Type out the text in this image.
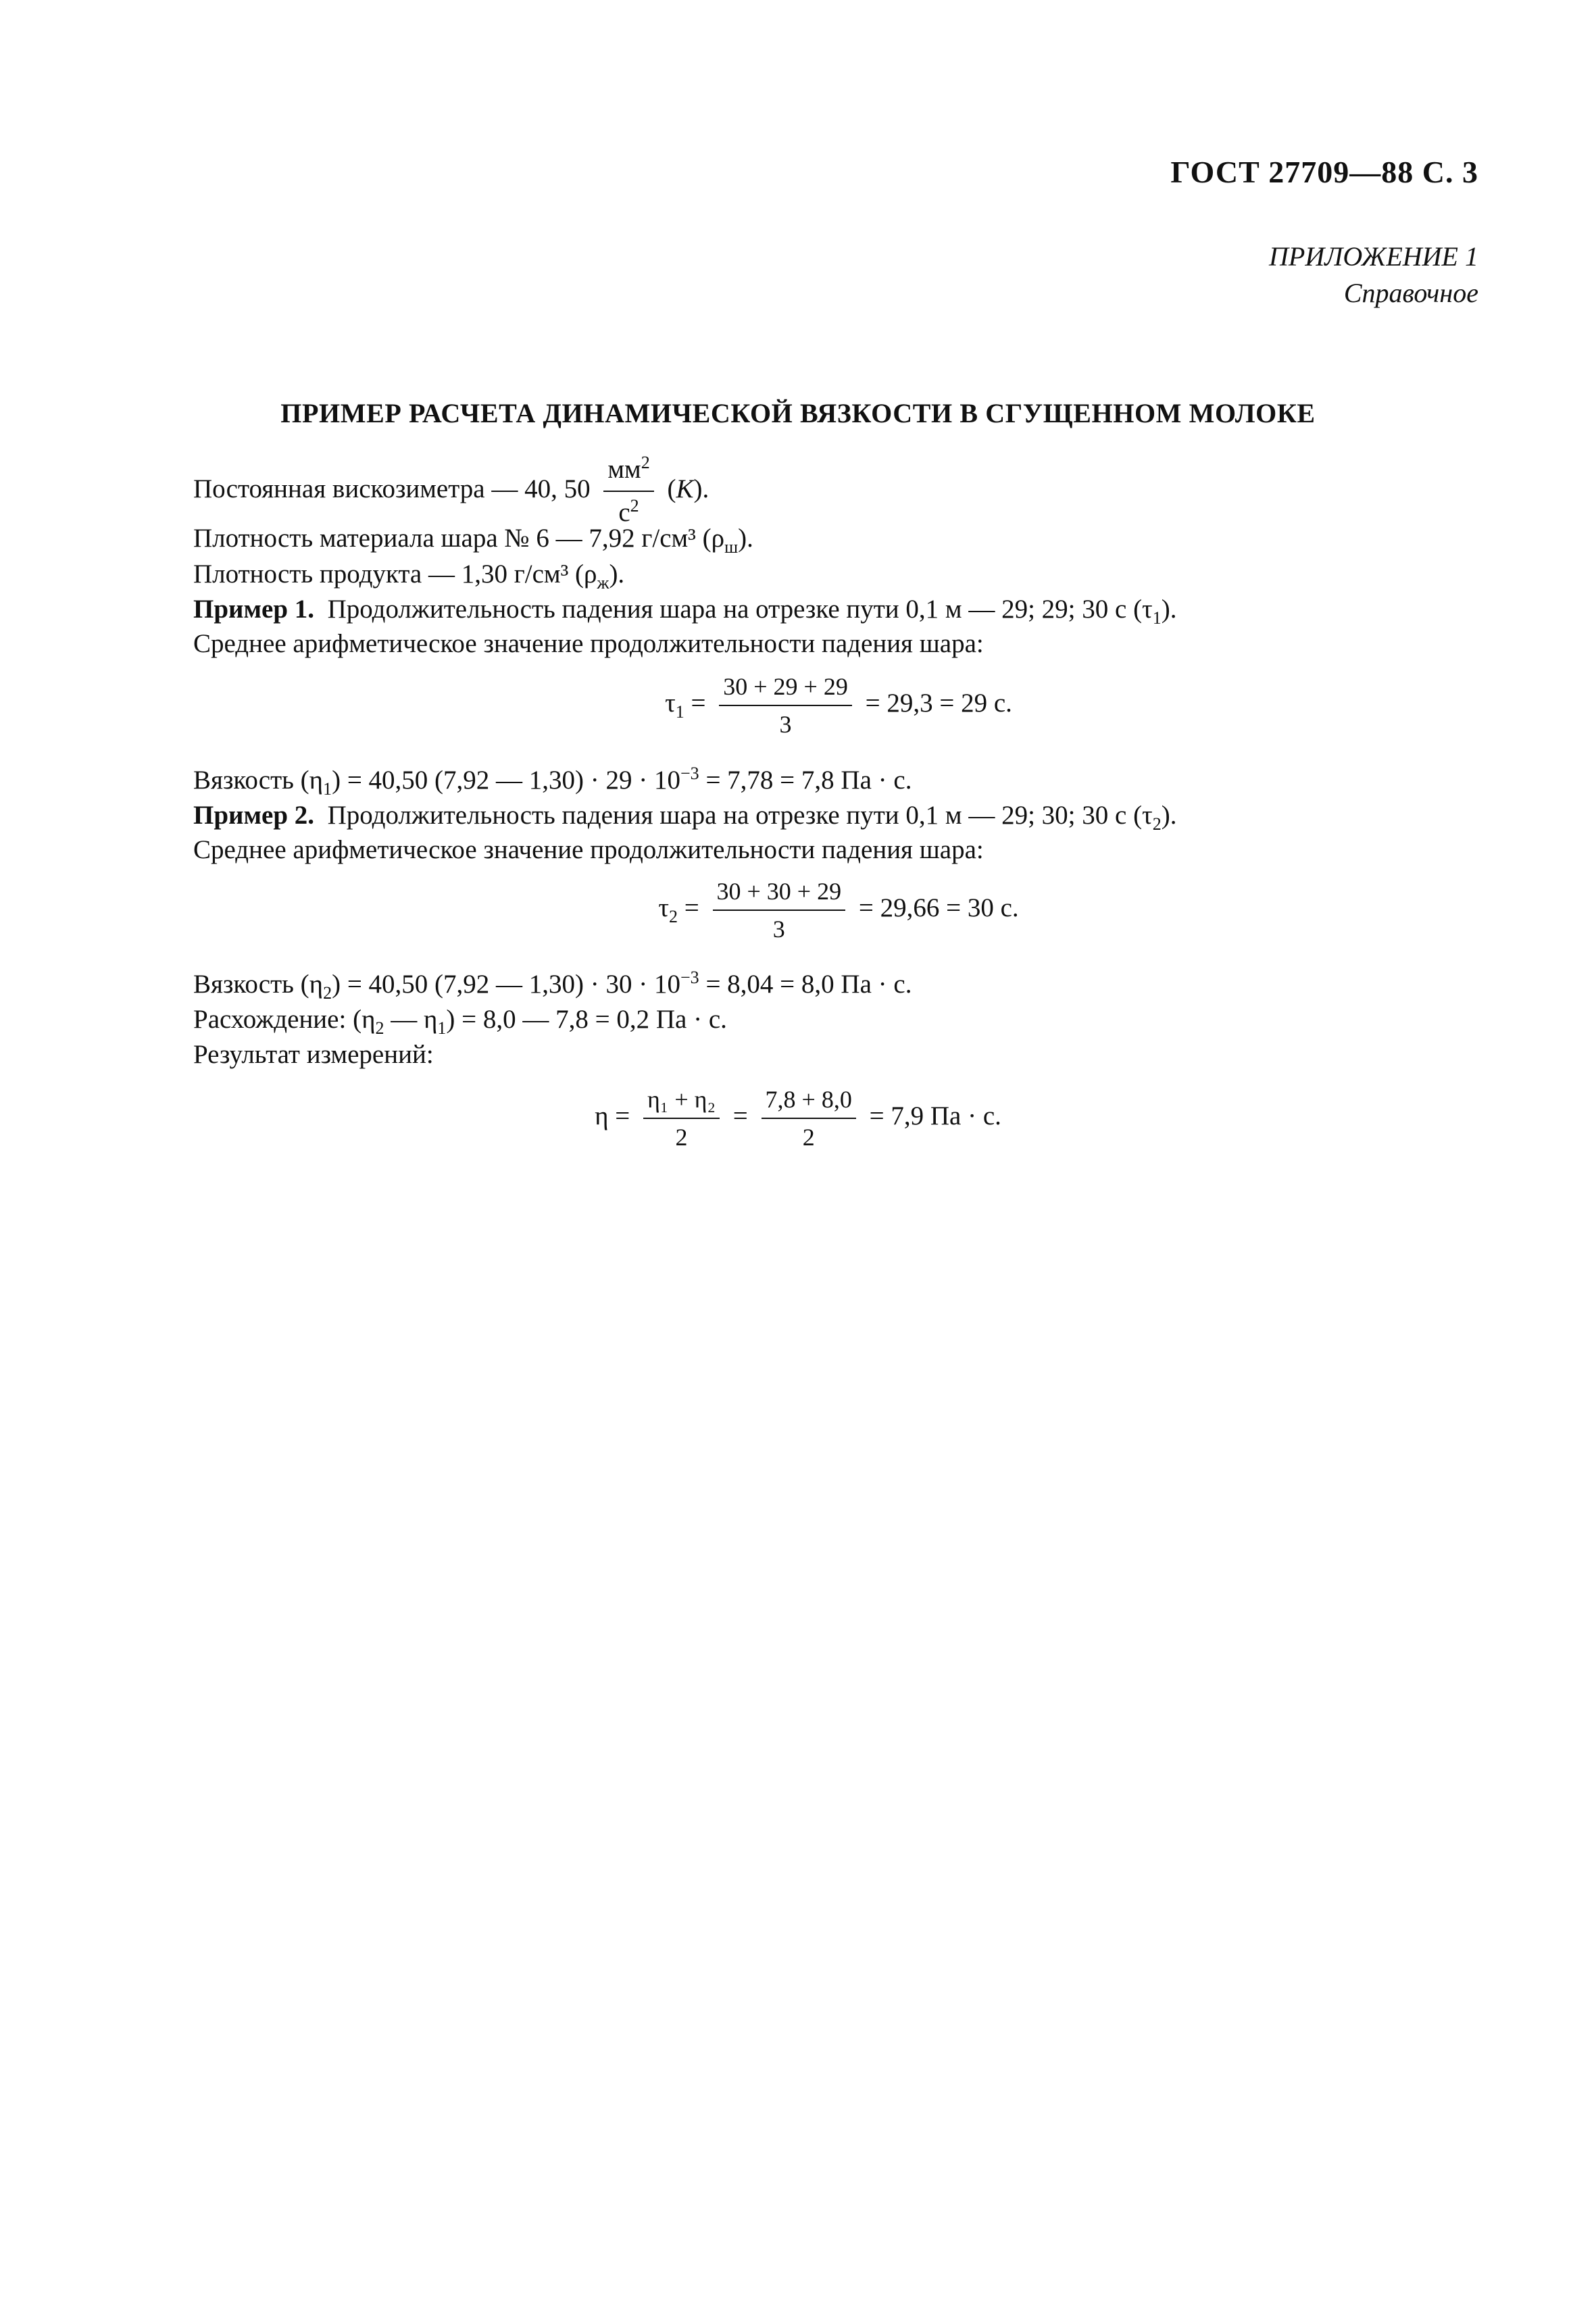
ГОСТ 27709—88 С. 3
ПРИЛОЖЕНИЕ 1
Справочное
ПРИМЕР РАСЧЕТА ДИНАМИЧЕСКОЙ ВЯЗКОСТИ В СГУЩЕННОМ МОЛОКЕ
Постоянная вискозиметра — 40, $50 \frac{мм^2}{с^2} (K)$.
Плотность материала шара № 6 — 7,92 г/см³ $(\rho_ш)$.
Плотность продукта — 1,30 г/см³ $(\rho_ж)$.
Пример 1. Продолжительность падения шара на отрезке пути 0,1 м — 29; 29; 30 с $(\tau_1)$.
Среднее арифметическое значение продолжительности падения шара:
$\tau_1 = \frac{30 + 29 + 29}{3} = 29,3 = 29$ с.
Вязкость $(\eta_1) = 40,50$ (7,92 — $1,30) \cdot 29 \cdot 10^{-3} = 7,78 = 7,8$ Па · с.
Пример 2. Продолжительность падения шара на отрезке пути 0,1 м — 29; 30; 30 с $(\tau_2)$.
Среднее арифметическое значение продолжительности падения шара:
$\tau_2 = \frac{30 + 30 + 29}{3} = 29,66 = 30$ с.
Вязкость $(\eta_2) = 40,50$ (7,92 — $1,30) \cdot 30 \cdot 10^{-3} = 8,04 = 8,0$ Па · с.
Расхождение: ($\eta_2$ — $\eta_1) = 8,0$ — 7,8 = 0,2 Па · с.
Результат измерений:
$\eta = \frac{\text{η₁ + η₂}}{2} = \frac{7,8 + 8,0}{2} = 7,9$ Па · с.
